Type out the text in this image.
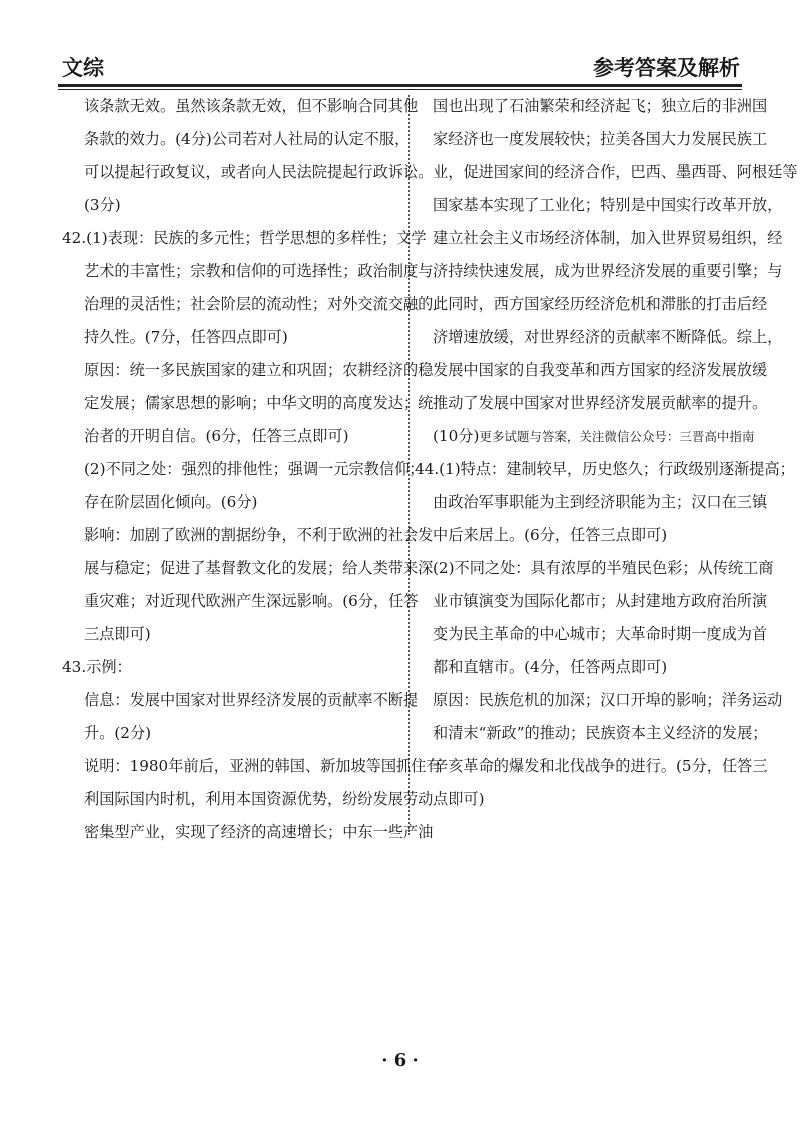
文综	参考答案及解析
该条款无效。虽然该条款无效，但不影响合同其他
条款的效力。(4分)公司若对人社局的认定不服，
可以提起行政复议，或者向人民法院提起行政诉讼。
(3分)
42.(1)表现：民族的多元性；哲学思想的多样性；文学
艺术的丰富性；宗教和信仰的可选择性；政治制度与
治理的灵活性；社会阶层的流动性；对外交流交融的
持久性。(7分，任答四点即可)
原因：统一多民族国家的建立和巩固；农耕经济的稳
定发展；儒家思想的影响；中华文明的高度发达；统
治者的开明自信。(6分，任答三点即可)
(2)不同之处：强烈的排他性；强调一元宗教信仰；
存在阶层固化倾向。(6分)
影响：加剧了欧洲的割据纷争，不利于欧洲的社会发
展与稳定；促进了基督教文化的发展；给人类带来深
重灾难；对近现代欧洲产生深远影响。(6分，任答
三点即可)
43.示例：
信息：发展中国家对世界经济发展的贡献率不断提
升。(2分)
说明：1980年前后，亚洲的韩国、新加坡等国抓住有
利国际国内时机，利用本国资源优势，纷纷发展劳动
密集型产业，实现了经济的高速增长；中东一些产油
国也出现了石油繁荣和经济起飞；独立后的非洲国
家经济也一度发展较快；拉美各国大力发展民族工
业，促进国家间的经济合作，巴西、墨西哥、阿根廷等
国家基本实现了工业化；特别是中国实行改革开放，
建立社会主义市场经济体制，加入世界贸易组织，经
济持续快速发展，成为世界经济发展的重要引擎；与
此同时，西方国家经历经济危机和滞胀的打击后经
济增速放缓，对世界经济的贡献率不断降低。综上，
发展中国家的自我变革和西方国家的经济发展放缓
推动了发展中国家对世界经济发展贡献率的提升。
(10分)更多试题与答案，关注微信公众号：三晋高中指南
44.(1)特点：建制较早，历史悠久；行政级别逐渐提高；
由政治军事职能为主到经济职能为主；汉口在三镇
中后来居上。(6分，任答三点即可)
(2)不同之处：具有浓厚的半殖民色彩；从传统工商
业市镇演变为国际化都市；从封建地方政府治所演
变为民主革命的中心城市；大革命时期一度成为首
都和直辖市。(4分，任答两点即可)
原因：民族危机的加深；汉口开埠的影响；洋务运动
和清末“新政”的推动；民族资本主义经济的发展；
辛亥革命的爆发和北伐战争的进行。(5分，任答三
点即可)
· 6 ·
